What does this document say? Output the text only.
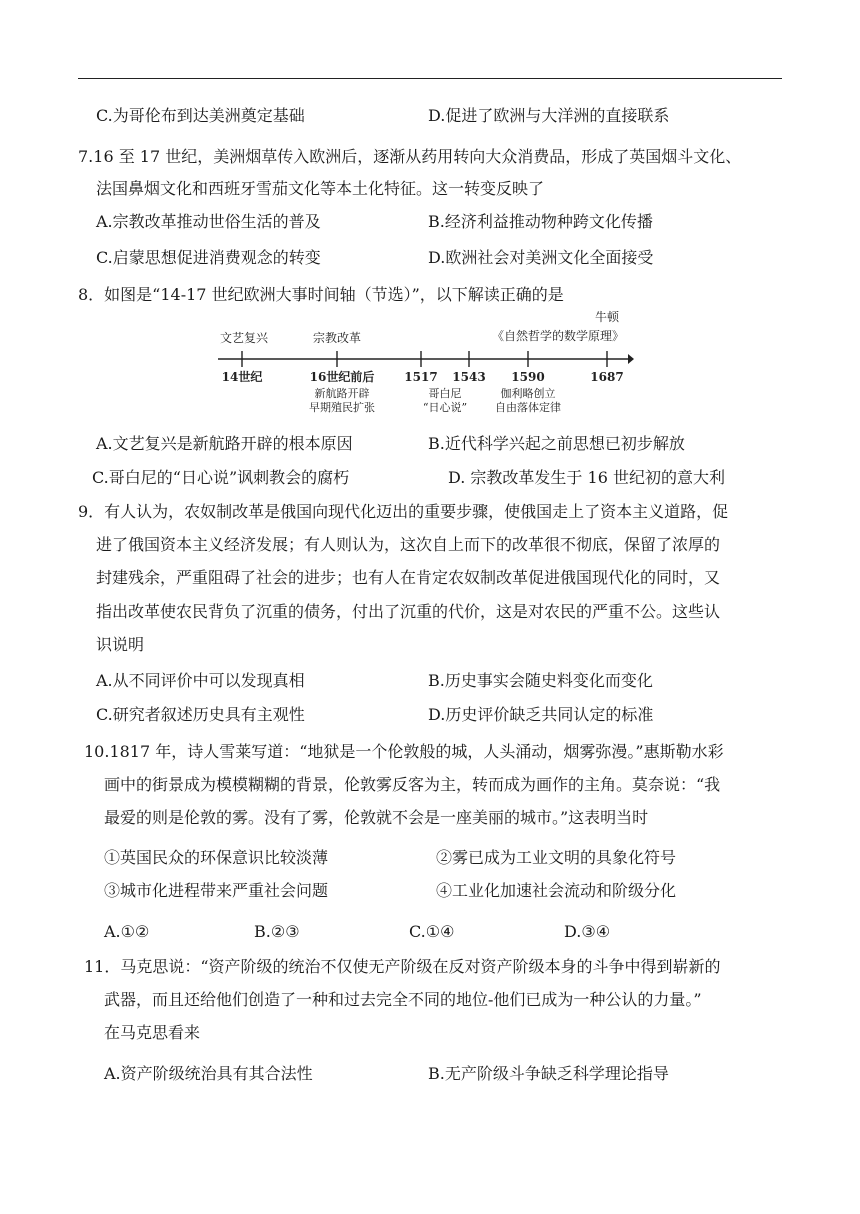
C.为哥伦布到达美洲奠定基础	D.促进了欧洲与大洋洲的直接联系
7.16 至 17 世纪，美洲烟草传入欧洲后，逐渐从药用转向大众消费品，形成了英国烟斗文化、
法国鼻烟文化和西班牙雪茄文化等本土化特征。这一转变反映了
A.宗教改革推动世俗生活的普及	B.经济利益推动物种跨文化传播
C.启蒙思想促进消费观念的转变	D.欧洲社会对美洲文化全面接受
8．如图是“14-17 世纪欧洲大事时间轴（节选）”，以下解读正确的是
文艺复兴	宗教改革
牛顿
《自然哲学的数学原理》
14世纪	16世纪前后 1517 1543 1590	1687
新航路开辟
早期殖民扩张
哥白尼
“日心说”
伽利略创立
自由落体定律
A.文艺复兴是新航路开辟的根本原因	B.近代科学兴起之前思想已初步解放
C.哥白尼的“日心说”讽刺教会的腐朽	D. 宗教改革发生于 16 世纪初的意大利
9．有人认为，农奴制改革是俄国向现代化迈出的重要步骤，使俄国走上了资本主义道路，促
进了俄国资本主义经济发展；有人则认为，这次自上而下的改革很不彻底，保留了浓厚的
封建残余，严重阻碍了社会的进步；也有人在肯定农奴制改革促进俄国现代化的同时，又
指出改革使农民背负了沉重的债务，付出了沉重的代价，这是对农民的严重不公。这些认
识说明
A.从不同评价中可以发现真相	B.历史事实会随史料变化而变化
C.研究者叙述历史具有主观性	D.历史评价缺乏共同认定的标准
10.1817 年，诗人雪莱写道：“地狱是一个伦敦般的城，人头涌动，烟雾弥漫。”惠斯勒水彩
画中的街景成为模模糊糊的背景，伦敦雾反客为主，转而成为画作的主角。莫奈说：“我
最爱的则是伦敦的雾。没有了雾，伦敦就不会是一座美丽的城市。”这表明当时
①英国民众的环保意识比较淡薄	②雾已成为工业文明的具象化符号
③城市化进程带来严重社会问题	④工业化加速社会流动和阶级分化
A.①②	B.②③	C.①④	D.③④
11．马克思说：“资产阶级的统治不仅使无产阶级在反对资产阶级本身的斗争中得到崭新的
武器，而且还给他们创造了一种和过去完全不同的地位-他们已成为一种公认的力量。”
在马克思看来
A.资产阶级统治具有其合法性	B.无产阶级斗争缺乏科学理论指导
